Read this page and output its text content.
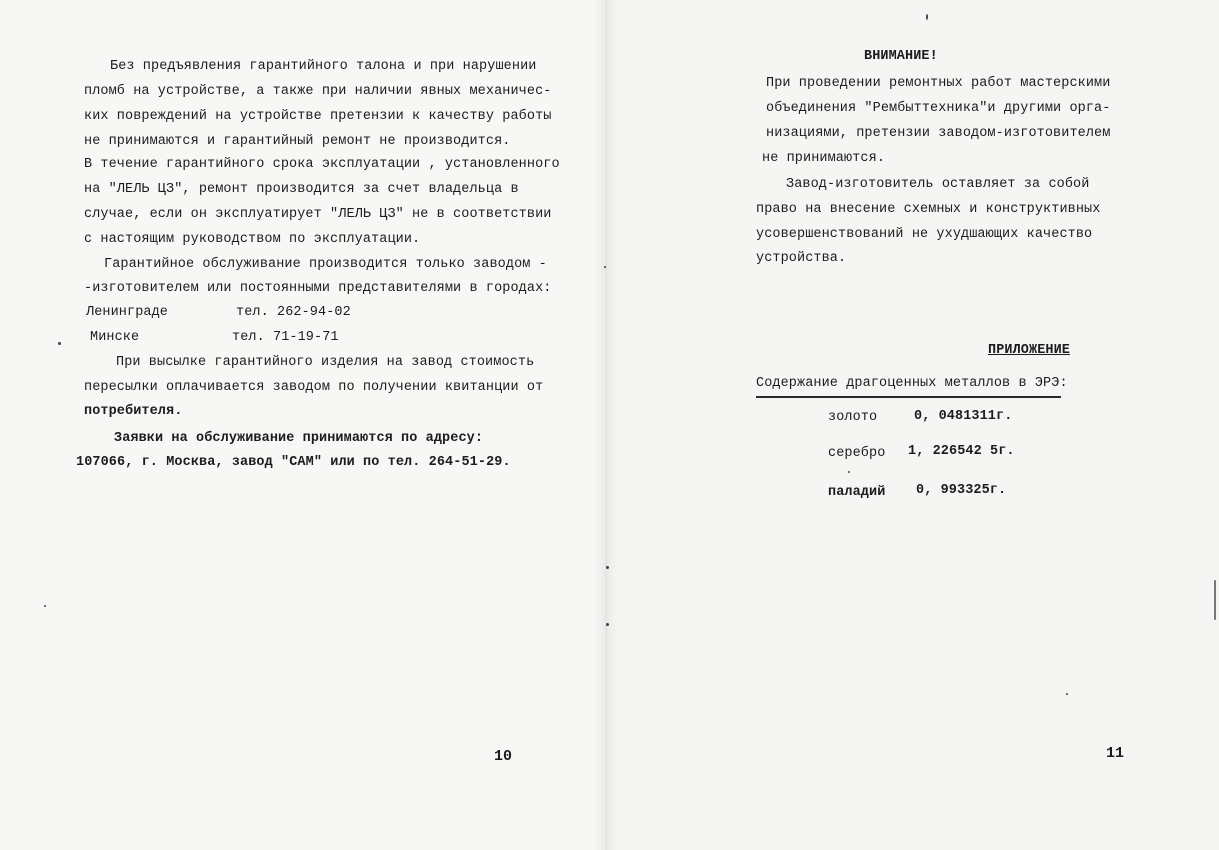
Без предъявления гарантийного талона и при нарушении
пломб на устройстве, а также при наличии явных механичес-
ких повреждений на устройстве претензии к качеству работы
не принимаются и гарантийный ремонт не производится.
В течение гарантийного срока эксплуатации , установленного
на "ЛЕЛЬ ЦЗ", ремонт производится за счет владельца в
случае, если он эксплуатирует "ЛЕЛЬ ЦЗ" не в соответствии
с настоящим руководством по эксплуатации.
Гарантийное обслуживание производится только заводом -
-изготовителем или постоянными представителями в городах:
Ленинграде	тел. 262-94-02
Минске	тел. 71-19-71
При высылке гарантийного изделия на завод стоимость
пересылки оплачивается заводом по получении квитанции от
потребителя.
Заявки на обслуживание принимаются по адресу:
107066, г. Москва, завод "САМ" или по тел. 264-51-29.
10
ВНИМАНИЕ!
При проведении ремонтных работ мастерскими
объединения "Рембыттехника"и другими орга-
низациями, претензии заводом-изготовителем
не принимаются.
Завод-изготовитель оставляет за собой
право на внесение схемных и конструктивных
усовершенствований не ухудшающих качество
устройства.
ПРИЛОЖЕНИЕ
Содержание драгоценных металлов в ЭРЭ:
золото	0, 0481311г.
серебро 1, 226542 5г.
паладий 0, 993325г.
11
